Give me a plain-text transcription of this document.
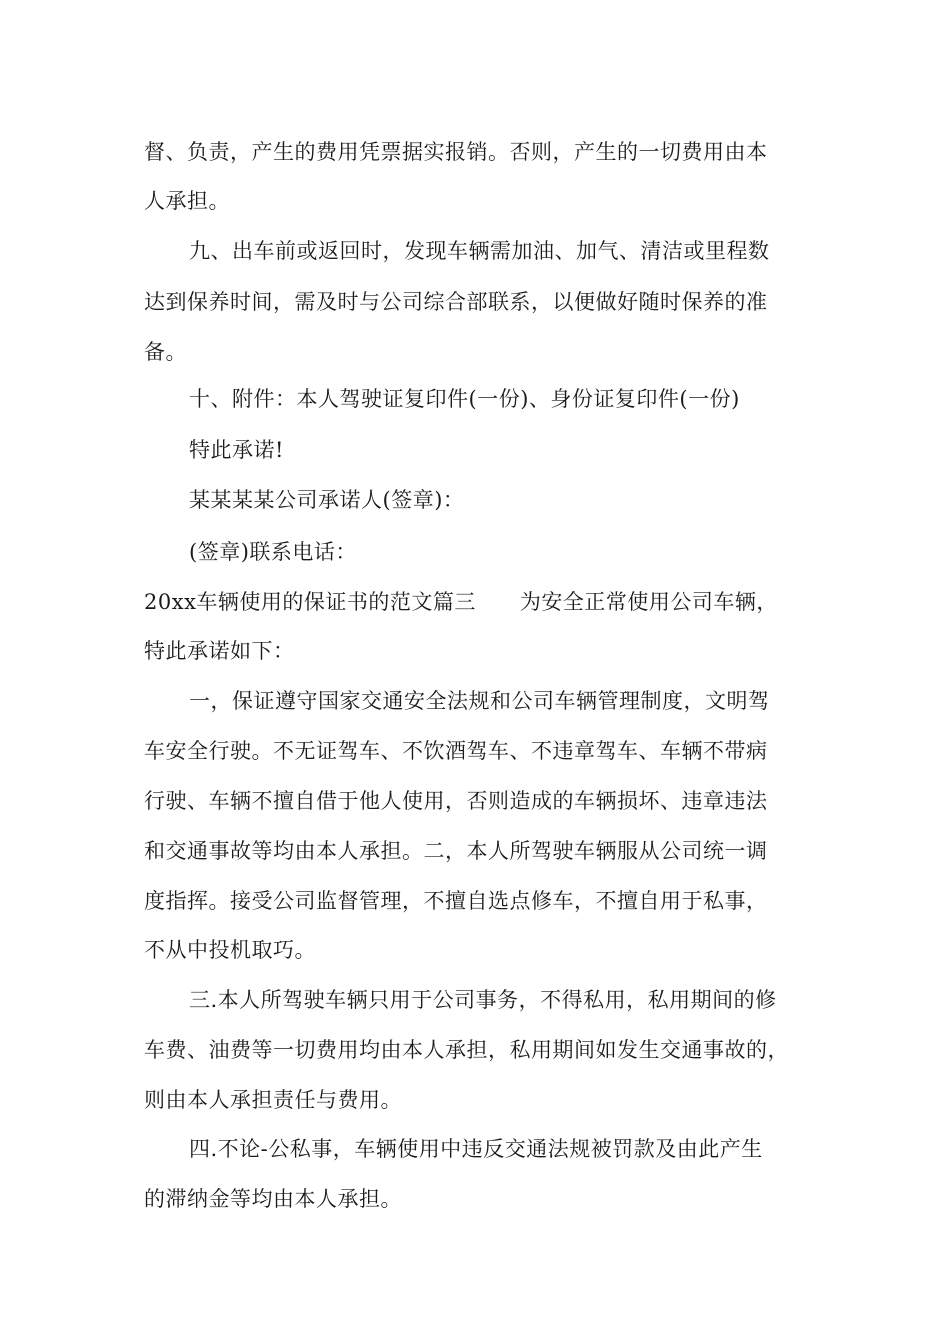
督、负责，产生的费用凭票据实报销。否则，产生的一切费用由本
人承担。
九、出车前或返回时，发现车辆需加油、加气、清洁或里程数
达到保养时间，需及时与公司综合部联系，以便做好随时保养的准
备。
十、附件：本人驾驶证复印件(一份)、身份证复印件(一份)
特此承诺!
某某某某公司承诺人(签章)：
(签章)联系电话：
20xx车辆使用的保证书的范文篇三 为安全正常使用公司车辆，
特此承诺如下：
一，保证遵守国家交通安全法规和公司车辆管理制度，文明驾
车安全行驶。不无证驾车、不饮酒驾车、不违章驾车、车辆不带病
行驶、车辆不擅自借于他人使用，否则造成的车辆损坏、违章违法
和交通事故等均由本人承担。二，本人所驾驶车辆服从公司统一调
度指挥。接受公司监督管理，不擅自选点修车，不擅自用于私事，
不从中投机取巧。
三.本人所驾驶车辆只用于公司事务，不得私用，私用期间的修
车费、油费等一切费用均由本人承担，私用期间如发生交通事故的，
则由本人承担责任与费用。
四.不论-公私事，车辆使用中违反交通法规被罚款及由此产生
的滞纳金等均由本人承担。
